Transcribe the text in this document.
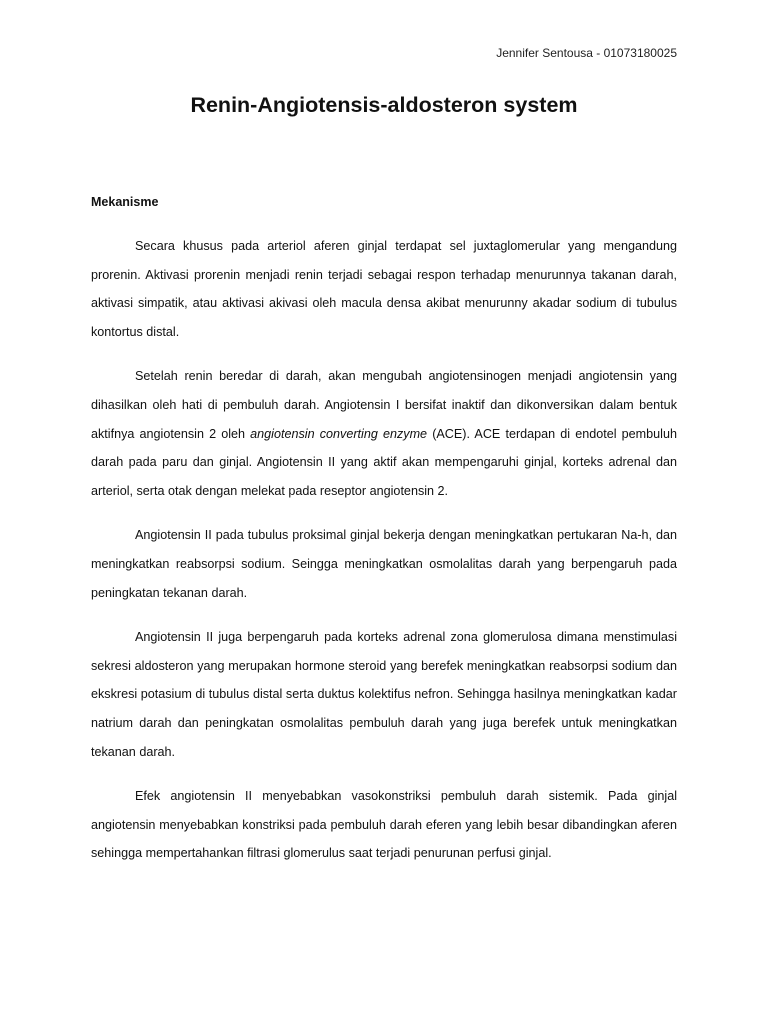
Jennifer Sentousa - 01073180025
Renin-Angiotensis-aldosteron system
Mekanisme

Secara khusus pada arteriol aferen ginjal terdapat sel juxtaglomerular yang mengandung prorenin. Aktivasi prorenin menjadi renin terjadi sebagai respon terhadap menurunnya takanan darah, aktivasi simpatik, atau aktivasi akivasi oleh macula densa akibat menurunny akadar sodium di tubulus kontortus distal.

Setelah renin beredar di darah, akan mengubah angiotensinogen menjadi angiotensin yang dihasilkan oleh hati di pembuluh darah. Angiotensin I bersifat inaktif dan dikonversikan dalam bentuk aktifnya angiotensin 2 oleh angiotensin converting enzyme (ACE). ACE terdapan di endotel pembuluh darah pada paru dan ginjal. Angiotensin II yang aktif akan mempengaruhi ginjal, korteks adrenal dan arteriol, serta otak dengan melekat pada reseptor angiotensin 2.

Angiotensin II pada tubulus proksimal ginjal bekerja dengan meningkatkan pertukaran Na-h, dan meningkatkan reabsorpsi sodium. Seingga meningkatkan osmolalitas darah yang berpengaruh pada peningkatan tekanan darah.

Angiotensin II juga berpengaruh pada korteks adrenal zona glomerulosa dimana menstimulasi sekresi aldosteron yang merupakan hormone steroid yang berefek meningkatkan reabsorpsi sodium dan ekskresi potasium di tubulus distal serta duktus kolektifus nefron. Sehingga hasilnya meningkatkan kadar natrium darah dan peningkatan osmolalitas pembuluh darah yang juga berefek untuk meningkatkan tekanan darah.

Efek angiotensin II menyebabkan vasokonstriksi pembuluh darah sistemik. Pada ginjal angiotensin menyebabkan konstriksi pada pembuluh darah eferen yang lebih besar dibandingkan aferen sehingga mempertahankan filtrasi glomerulus saat terjadi penurunan perfusi ginjal.
